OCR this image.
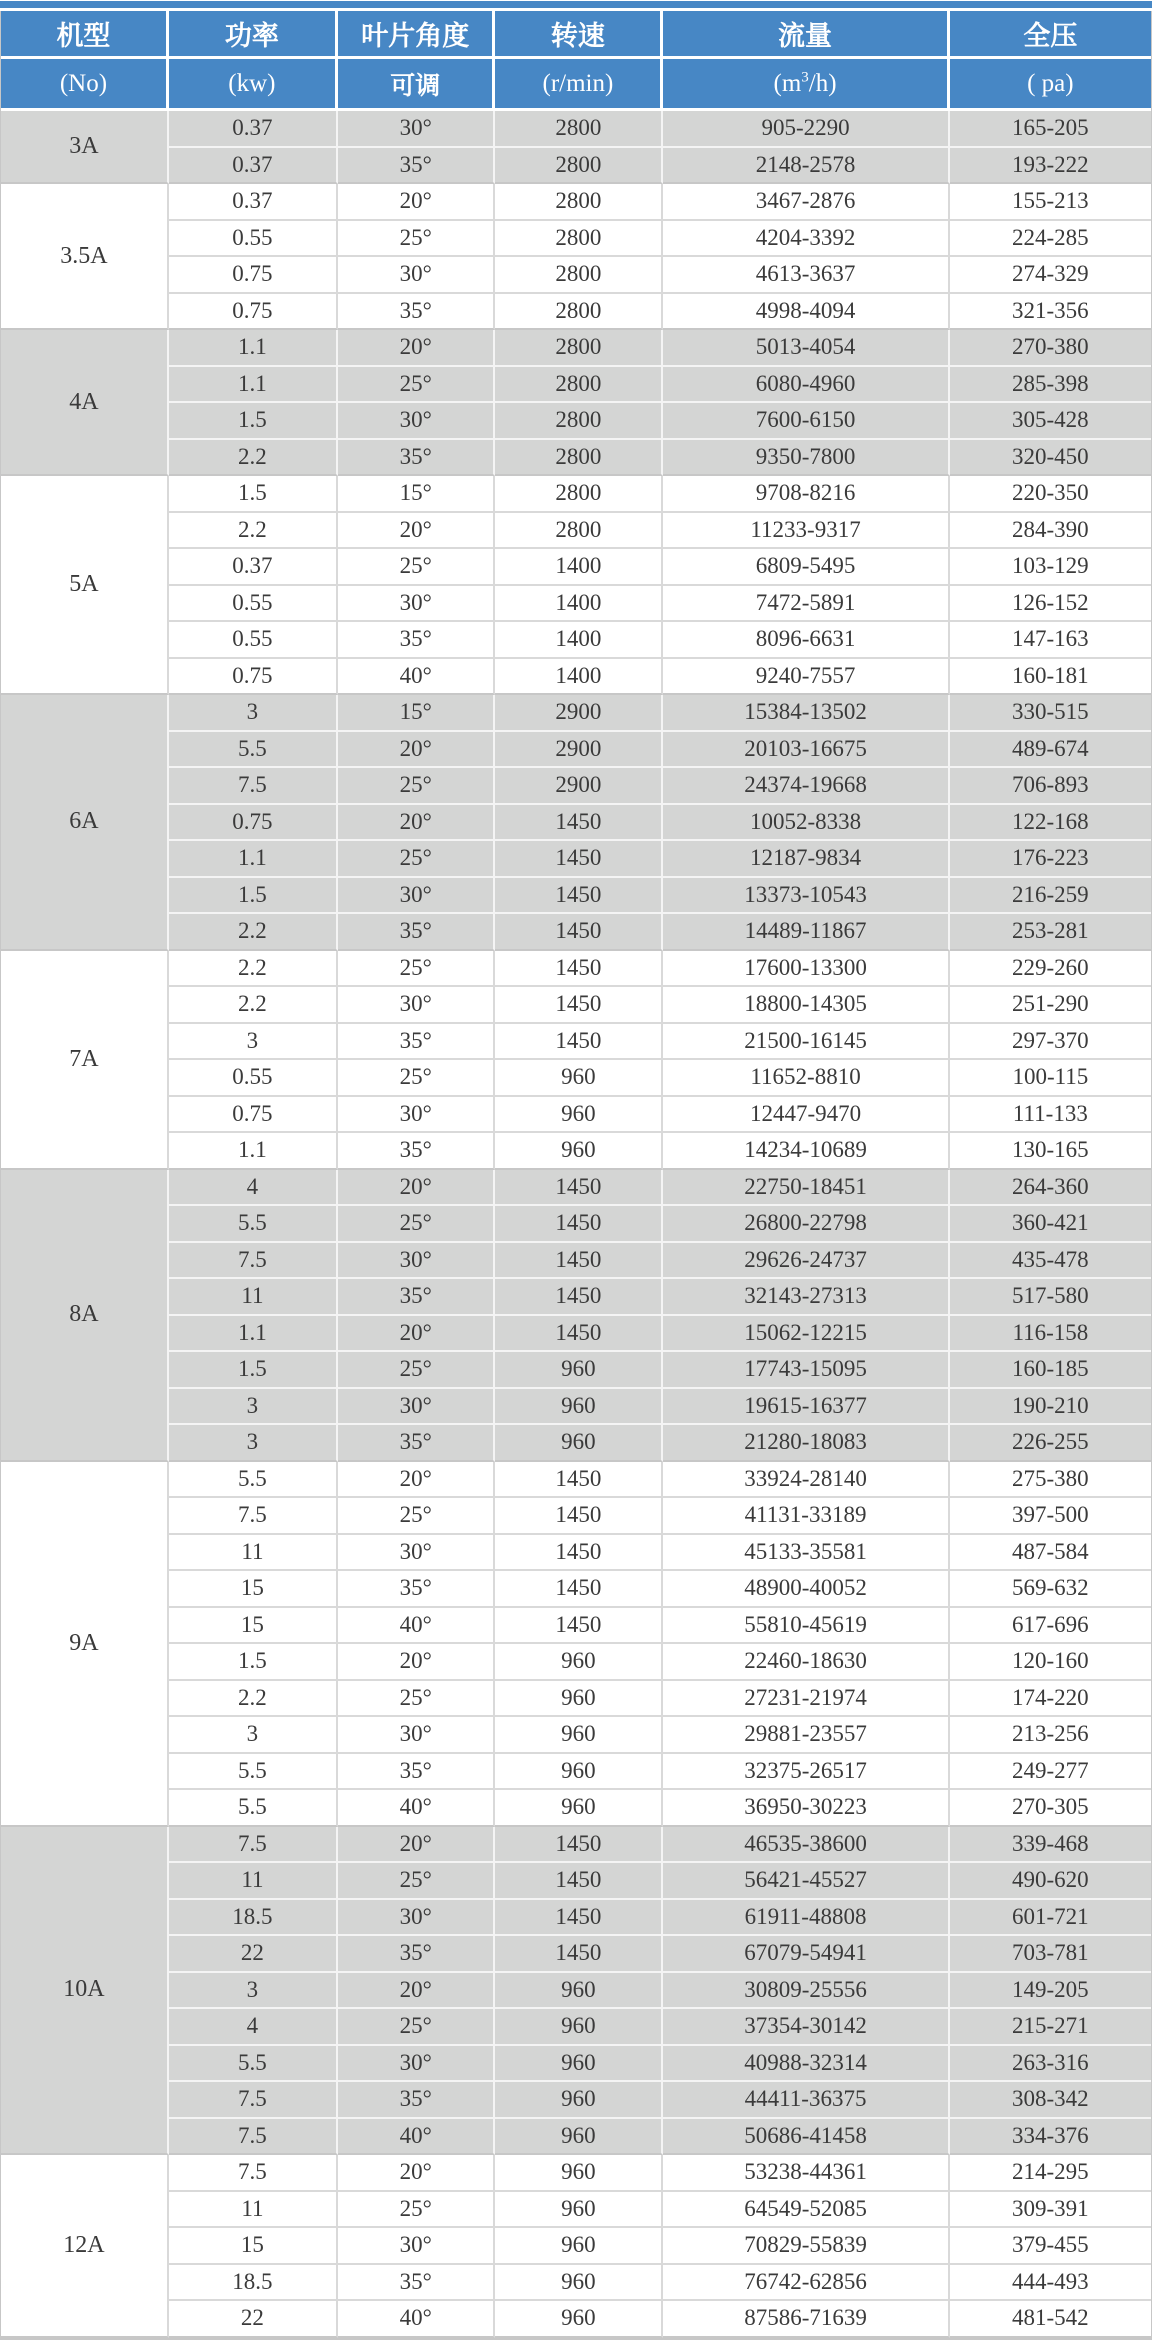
机型	功率	叶片角度	转速	流量	全压
(No)	(kw)	可调	(r/min)	$(m^3/h)$	( pa)
3A	0.37	30°	2800	905-2290	165-205
	0.37	35°	2800	2148-2578	193-222
3.5A	0.37	20°	2800	3467-2876	155-213
	0.55	25°	2800	4204-3392	224-285
	0.75	30°	2800	4613-3637	274-329
	0.75	35°	2800	4998-4094	321-356
4A	1.1	20°	2800	5013-4054	270-380
	1.1	25°	2800	6080-4960	285-398
	1.5	30°	2800	7600-6150	305-428
	2.2	35°	2800	9350-7800	320-450
5A	1.5	15°	2800	9708-8216	220-350
	2.2	20°	2800	11233-9317	284-390
	0.37	25°	1400	6809-5495	103-129
	0.55	30°	1400	7472-5891	126-152
	0.55	35°	1400	8096-6631	147-163
	0.75	40°	1400	9240-7557	160-181
6A	3	15°	2900	15384-13502	330-515
	5.5	20°	2900	20103-16675	489-674
	7.5	25°	2900	24374-19668	706-893
	0.75	20°	1450	10052-8338	122-168
	1.1	25°	1450	12187-9834	176-223
	1.5	30°	1450	13373-10543	216-259
	2.2	35°	1450	14489-11867	253-281
7A	2.2	25°	1450	17600-13300	229-260
	2.2	30°	1450	18800-14305	251-290
	3	35°	1450	21500-16145	297-370
	0.55	25°	960	11652-8810	100-115
	0.75	30°	960	12447-9470	111-133
	1.1	35°	960	14234-10689	130-165
8A	4	20°	1450	22750-18451	264-360
	5.5	25°	1450	26800-22798	360-421
	7.5	30°	1450	29626-24737	435-478
	11	35°	1450	32143-27313	517-580
	1.1	20°	1450	15062-12215	116-158
	1.5	25°	960	17743-15095	160-185
	3	30°	960	19615-16377	190-210
	3	35°	960	21280-18083	226-255
9A	5.5	20°	1450	33924-28140	275-380
	7.5	25°	1450	41131-33189	397-500
	11	30°	1450	45133-35581	487-584
	15	35°	1450	48900-40052	569-632
	15	40°	1450	55810-45619	617-696
	1.5	20°	960	22460-18630	120-160
	2.2	25°	960	27231-21974	174-220
	3	30°	960	29881-23557	213-256
	5.5	35°	960	32375-26517	249-277
	5.5	40°	960	36950-30223	270-305
10A	7.5	20°	1450	46535-38600	339-468
	11	25°	1450	56421-45527	490-620
	18.5	30°	1450	61911-48808	601-721
	22	35°	1450	67079-54941	703-781
	3	20°	960	30809-25556	149-205
	4	25°	960	37354-30142	215-271
	5.5	30°	960	40988-32314	263-316
	7.5	35°	960	44411-36375	308-342
	7.5	40°	960	50686-41458	334-376
12A	7.5	20°	960	53238-44361	214-295
	11	25°	960	64549-52085	309-391
	15	30°	960	70829-55839	379-455
	18.5	35°	960	76742-62856	444-493
	22	40°	960	87586-71639	481-542
